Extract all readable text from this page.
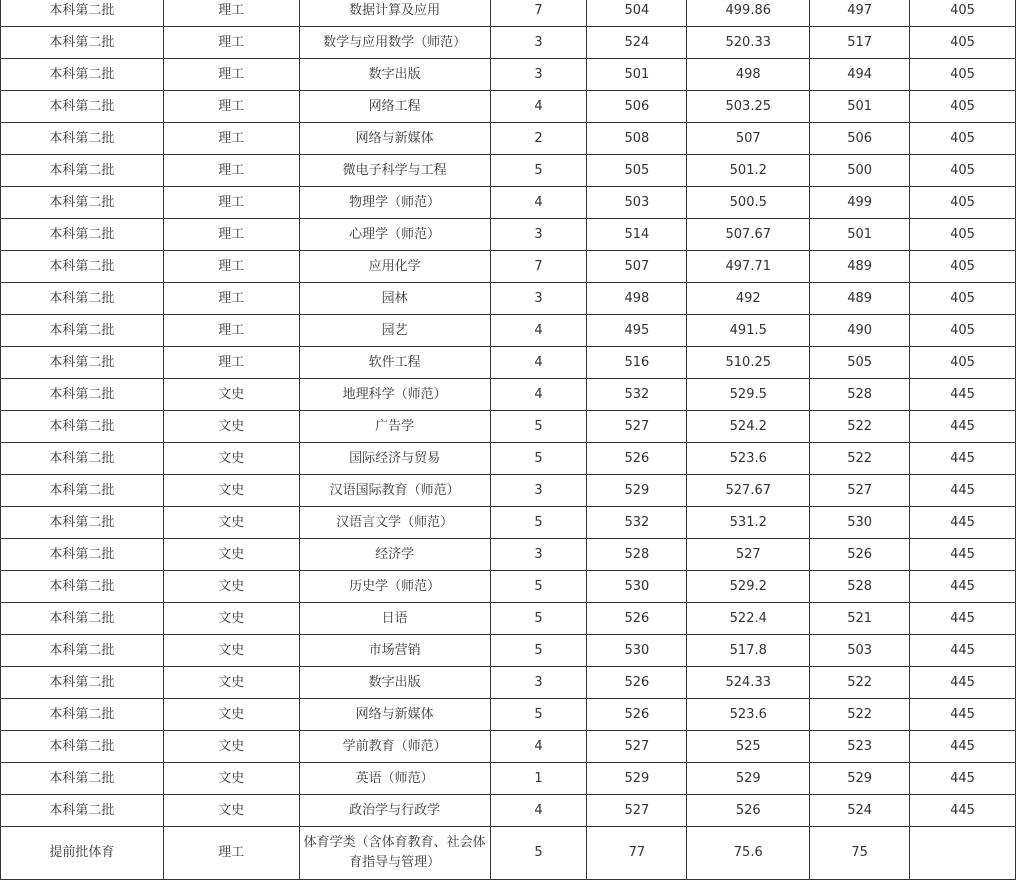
本科第二批	理工	数据计算及应用	7	504	499.86	497	405
本科第二批	理工	数学与应用数学（师范）	3	524	520.33	517	405
本科第二批	理工	数字出版	3	501	498	494	405
本科第二批	理工	网络工程	4	506	503.25	501	405
本科第二批	理工	网络与新媒体	2	508	507	506	405
本科第二批	理工	微电子科学与工程	5	505	501.2	500	405
本科第二批	理工	物理学（师范）	4	503	500.5	499	405
本科第二批	理工	心理学（师范）	3	514	507.67	501	405
本科第二批	理工	应用化学	7	507	497.71	489	405
本科第二批	理工	园林	3	498	492	489	405
本科第二批	理工	园艺	4	495	491.5	490	405
本科第二批	理工	软件工程	4	516	510.25	505	405
本科第二批	文史	地理科学（师范）	4	532	529.5	528	445
本科第二批	文史	广告学	5	527	524.2	522	445
本科第二批	文史	国际经济与贸易	5	526	523.6	522	445
本科第二批	文史	汉语国际教育（师范）	3	529	527.67	527	445
本科第二批	文史	汉语言文学（师范）	5	532	531.2	530	445
本科第二批	文史	经济学	3	528	527	526	445
本科第二批	文史	历史学（师范）	5	530	529.2	528	445
本科第二批	文史	日语	5	526	522.4	521	445
本科第二批	文史	市场营销	5	530	517.8	503	445
本科第二批	文史	数字出版	3	526	524.33	522	445
本科第二批	文史	网络与新媒体	5	526	523.6	522	445
本科第二批	文史	学前教育（师范）	4	527	525	523	445
本科第二批	文史	英语（师范）	1	529	529	529	445
本科第二批	文史	政治学与行政学	4	527	526	524	445
提前批体育	理工	体育学类（含体育教育、社会体育指导与管理）	5	77	75.6	75	
